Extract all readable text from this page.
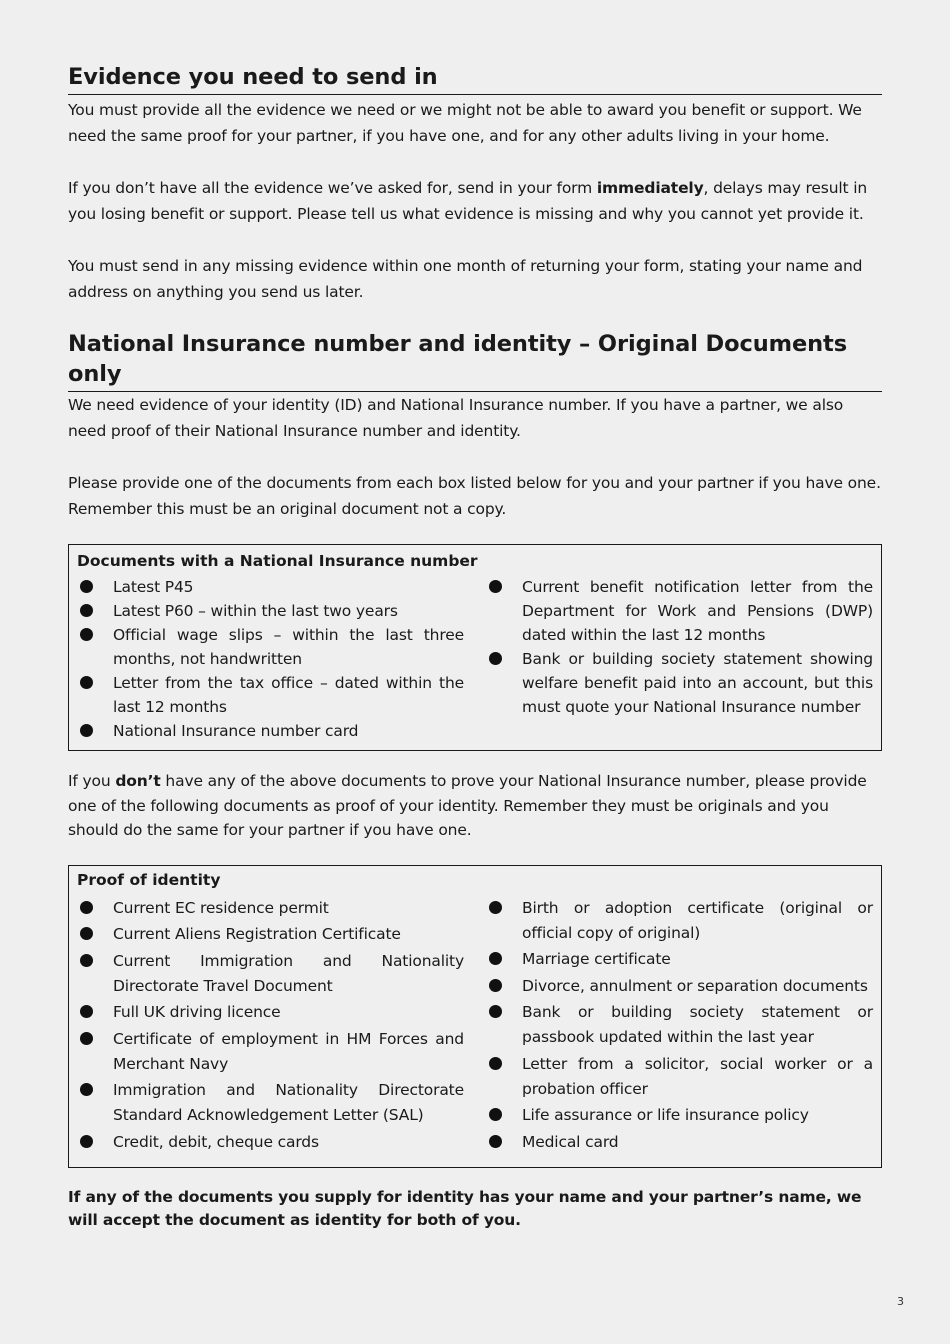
Evidence you need to send in

You must provide all the evidence we need or we might not be able to award you benefit or support. We need the same proof for your partner, if you have one, and for any other adults living in your home.

If you don’t have all the evidence we’ve asked for, send in your form immediately, delays may result in you losing benefit or support. Please tell us what evidence is missing and why you cannot yet provide it.

You must send in any missing evidence within one month of returning your form, stating your name and address on anything you send us later.

National Insurance number and identity – Original Documents only

We need evidence of your identity (ID) and National Insurance number. If you have a partner, we also need proof of their National Insurance number and identity.

Please provide one of the documents from each box listed below for you and your partner if you have one. Remember this must be an original document not a copy.

Documents with a National Insurance number
Latest P45
Latest P60 – within the last two years
Official wage slips – within the last three months, not handwritten
Letter from the tax office – dated within the last 12 months
National Insurance number card
Current benefit notification letter from the Department for Work and Pensions (DWP) dated within the last 12 months
Bank or building society statement showing welfare benefit paid into an account, but this must quote your National Insurance number

If you don’t have any of the above documents to prove your National Insurance number, please provide one of the following documents as proof of your identity. Remember they must be originals and you should do the same for your partner if you have one.

Proof of identity
Current EC residence permit
Current Aliens Registration Certificate
Current Immigration and Nationality Directorate Travel Document
Full UK driving licence
Certificate of employment in HM Forces and Merchant Navy
Immigration and Nationality Directorate Standard Acknowledgement Letter (SAL)
Credit, debit, cheque cards
Birth or adoption certificate (original or official copy of original)
Marriage certificate
Divorce, annulment or separation documents
Bank or building society statement or passbook updated within the last year
Letter from a solicitor, social worker or a probation officer
Life assurance or life insurance policy
Medical card

If any of the documents you supply for identity has your name and your partner’s name, we will accept the document as identity for both of you.

3
